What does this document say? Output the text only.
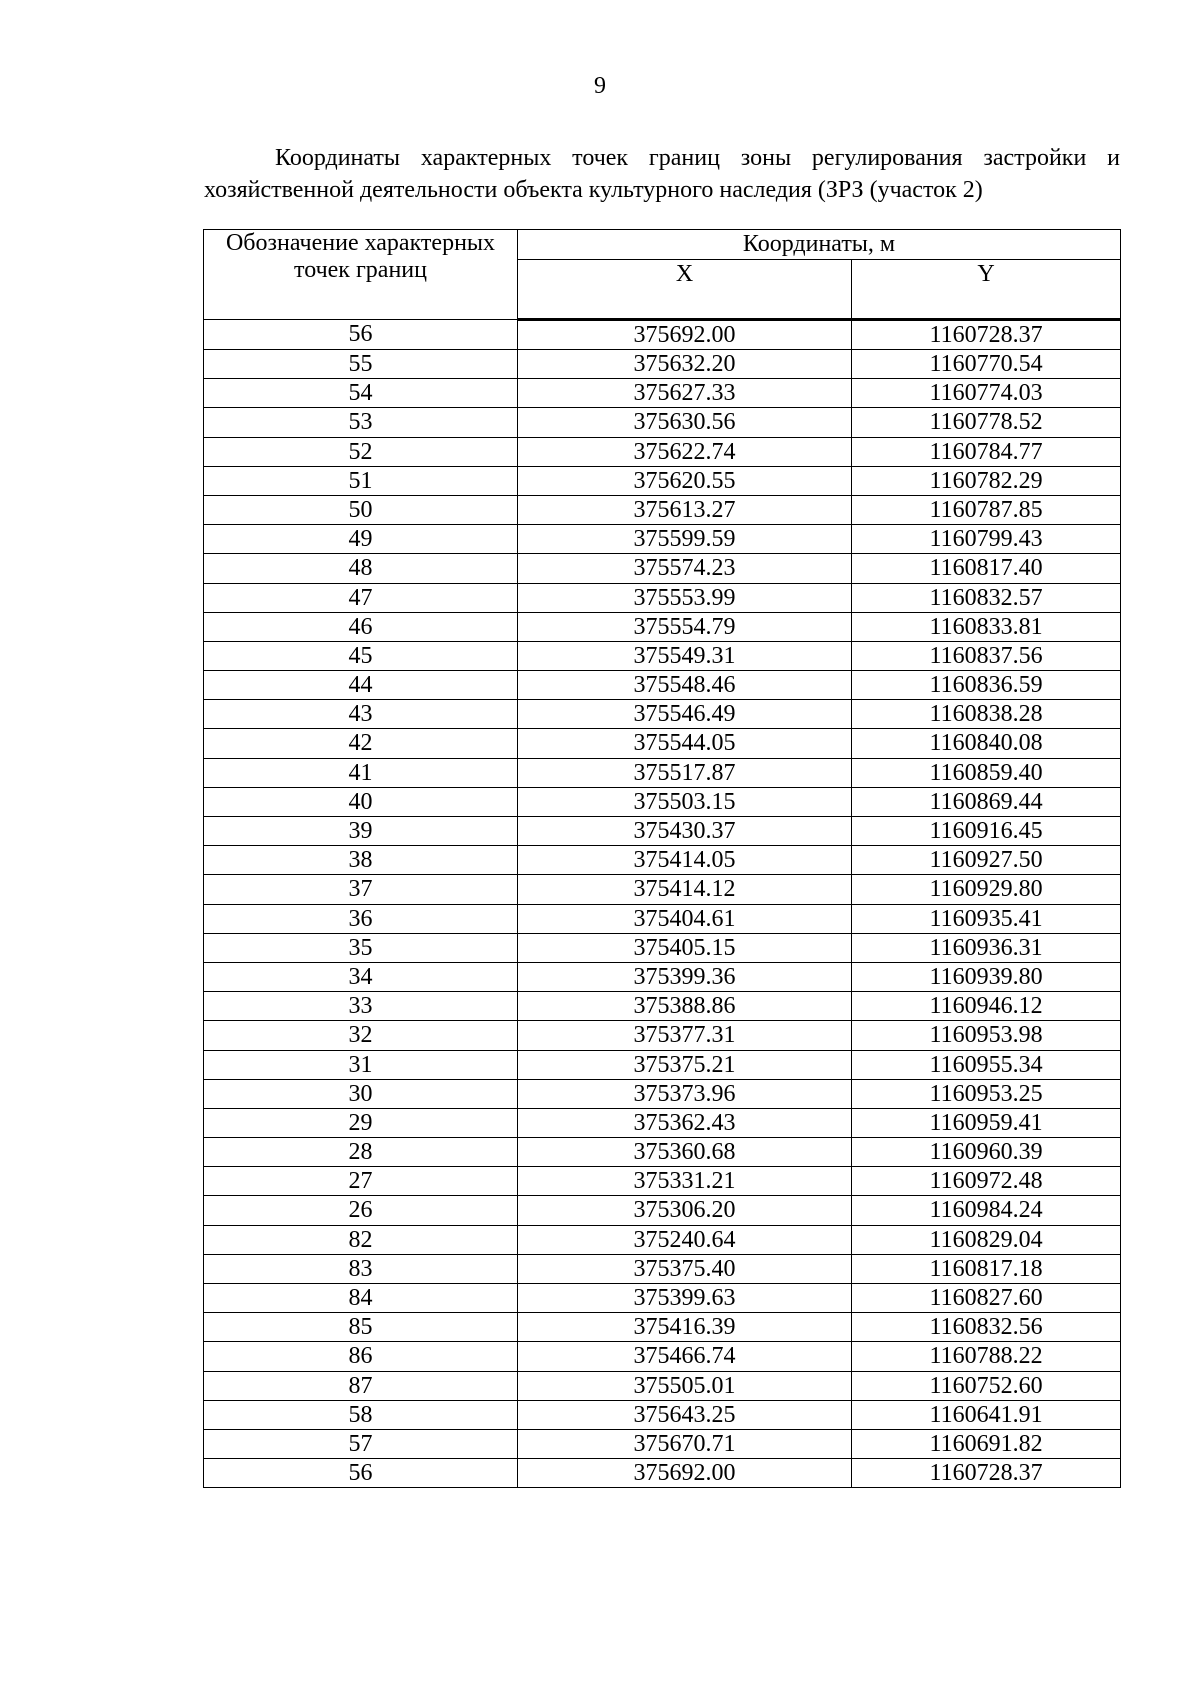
9
Координаты характерных точек границ зоны регулирования застройки и хозяйственной деятельности объекта культурного наследия (ЗРЗ (участок 2)
Обозначение характерных точек границ	Координаты, м	
	X	Y
56	375692.00	1160728.37
55	375632.20	1160770.54
54	375627.33	1160774.03
53	375630.56	1160778.52
52	375622.74	1160784.77
51	375620.55	1160782.29
50	375613.27	1160787.85
49	375599.59	1160799.43
48	375574.23	1160817.40
47	375553.99	1160832.57
46	375554.79	1160833.81
45	375549.31	1160837.56
44	375548.46	1160836.59
43	375546.49	1160838.28
42	375544.05	1160840.08
41	375517.87	1160859.40
40	375503.15	1160869.44
39	375430.37	1160916.45
38	375414.05	1160927.50
37	375414.12	1160929.80
36	375404.61	1160935.41
35	375405.15	1160936.31
34	375399.36	1160939.80
33	375388.86	1160946.12
32	375377.31	1160953.98
31	375375.21	1160955.34
30	375373.96	1160953.25
29	375362.43	1160959.41
28	375360.68	1160960.39
27	375331.21	1160972.48
26	375306.20	1160984.24
82	375240.64	1160829.04
83	375375.40	1160817.18
84	375399.63	1160827.60
85	375416.39	1160832.56
86	375466.74	1160788.22
87	375505.01	1160752.60
58	375643.25	1160641.91
57	375670.71	1160691.82
56	375692.00	1160728.37
